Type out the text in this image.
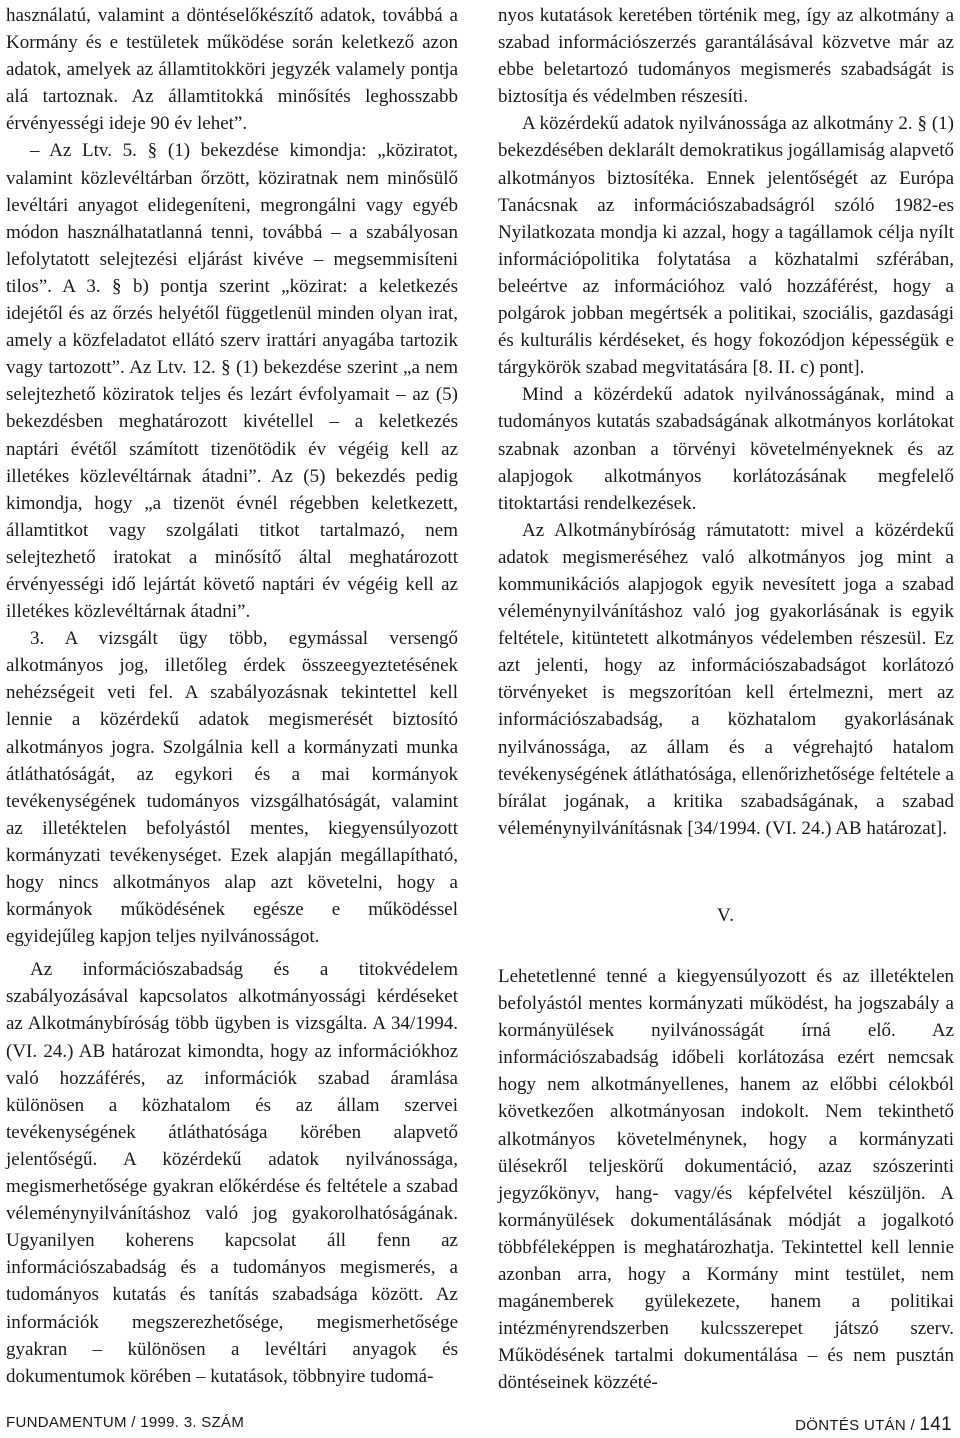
használatú, valamint a döntéselőkészítő adatok, továbbá a Kormány és e testületek működése során keletkező azon adatok, amelyek az államtitokköri jegyzék valamely pontja alá tartoznak. Az államtitokká minősítés leghosszabb érvényességi ideje 90 év lehet”.

– Az Ltv. 5. § (1) bekezdése kimondja: „köziratot, valamint közlevéltárban őrzött, köziratnak nem minősülő levéltári anyagot elidegeníteni, megrongálni vagy egyéb módon használhatatlanná tenni, továbbá – a szabályosan lefolytatott selejtezési eljárást kivéve – megsemmisíteni tilos”. A 3. § b) pontja szerint „közirat: a keletkezés idejétől és az őrzés helyétől függetlenül minden olyan irat, amely a közfeladatot ellátó szerv irattári anyagába tartozik vagy tartozott”. Az Ltv. 12. § (1) bekezdése szerint „a nem selejtezhető köziratok teljes és lezárt évfolyamait – az (5) bekezdésben meghatározott kivétellel – a keletkezés naptári évétől számított tizenötödik év végéig kell az illetékes közlevéltárnak átadni”. Az (5) bekezdés pedig kimondja, hogy „a tizenöt évnél régebben keletkezett, államtitkot vagy szolgálati titkot tartalmazó, nem selejtezhető iratokat a minősítő által meghatározott érvényességi idő lejártát követő naptári év végéig kell az illetékes közlevéltárnak átadni”.

3. A vizsgált ügy több, egymással versengő alkotmányos jog, illetőleg érdek összeegyeztetésének nehézségeit veti fel. A szabályozásnak tekintettel kell lennie a közérdekű adatok megismerését biztosító alkotmányos jogra. Szolgálnia kell a kormányzati munka átláthatóságát, az egykori és a mai kormányok tevékenységének tudományos vizsgálhatóságát, valamint az illetéktelen befolyástól mentes, kiegyensúlyozott kormányzati tevékenységet. Ezek alapján megállapítható, hogy nincs alkotmányos alap azt követelni, hogy a kormányok működésének egésze e működéssel egyidejűleg kapjon teljes nyilvánosságot.

Az információszabadság és a titokvédelem szabályozásával kapcsolatos alkotmányossági kérdéseket az Alkotmánybíróság több ügyben is vizsgálta. A 34/1994. (VI. 24.) AB határozat kimondta, hogy az információkhoz való hozzáférés, az információk szabad áramlása különösen a közhatalom és az állam szervei tevékenységének átláthatósága körében alapvető jelentőségű. A közérdekű adatok nyilvánossága, megismerhetősége gyakran előkérdése és feltétele a szabad véleménynyilvánításhoz való jog gyakorolhatóságának. Ugyanilyen koherens kapcsolat áll fenn az információszabadság és a tudományos megismerés, a tudományos kutatás és tanítás szabadsága között. Az információk megszerezhetősége, megismerhetősége gyakran – különösen a levéltári anyagok és dokumentumok körében – kutatások, többnyire tudomá-

nyos kutatások keretében történik meg, így az alkotmány a szabad információszerzés garantálásával közvetve már az ebbe beletartozó tudományos megismerés szabadságát is biztosítja és védelmben részesíti.

A közérdekű adatok nyilvánossága az alkotmány 2. § (1) bekezdésében deklarált demokratikus jogállamiság alapvető alkotmányos biztosítéka. Ennek jelentőségét az Európa Tanácsnak az információszabadságról szóló 1982-es Nyilatkozata mondja ki azzal, hogy a tagállamok célja nyílt információpolitika folytatása a közhatalmi szférában, beleértve az információhoz való hozzáférést, hogy a polgárok jobban megértsék a politikai, szociális, gazdasági és kulturális kérdéseket, és hogy fokozódjon képességük e tárgykörök szabad megvitatására [8. II. c) pont].

Mind a közérdekű adatok nyilvánosságának, mind a tudományos kutatás szabadságának alkotmányos korlátokat szabnak azonban a törvényi követelményeknek és az alapjogok alkotmányos korlátozásának megfelelő titoktartási rendelkezések.

Az Alkotmánybíróság rámutatott: mivel a közérdekű adatok megismeréséhez való alkotmányos jog mint a kommunikációs alapjogok egyik nevesített joga a szabad véleménynyilvánításhoz való jog gyakorlásának is egyik feltétele, kitüntetett alkotmányos védelemben részesül. Ez azt jelenti, hogy az információszabadságot korlátozó törvényeket is megszorítóan kell értelmezni, mert az információszabadság, a közhatalom gyakorlásának nyilvánossága, az állam és a végrehajtó hatalom tevékenységének átláthatósága, ellenőrizhetősége feltétele a bírálat jogának, a kritika szabadságának, a szabad véleménynyilvánításnak [34/1994. (VI. 24.) AB határozat].

V.

Lehetetlenné tenné a kiegyensúlyozott és az illetéktelen befolyástól mentes kormányzati működést, ha jogszabály a kormányülések nyilvánosságát írná elő. Az információszabadság időbeli korlátozása ezért nemcsak hogy nem alkotmányellenes, hanem az előbbi célokból következően alkotmányosan indokolt. Nem tekinthető alkotmányos követelménynek, hogy a kormányzati ülésekről teljeskörű dokumentáció, azaz szószerinti jegyzőkönyv, hang- vagy/és képfelvétel készüljön. A kormányülések dokumentálásának módját a jogalkotó többféleképpen is meghatározhatja. Tekintettel kell lennie azonban arra, hogy a Kormány mint testület, nem magánemberek gyülekezete, hanem a politikai intézményrendszerben kulcsszerepet játszó szerv. Működésének tartalmi dokumentálása – és nem pusztán döntéseinek közzété-

FUNDAMENTUM / 1999. 3. SZÁM	DÖNTÉS UTÁN / 141
